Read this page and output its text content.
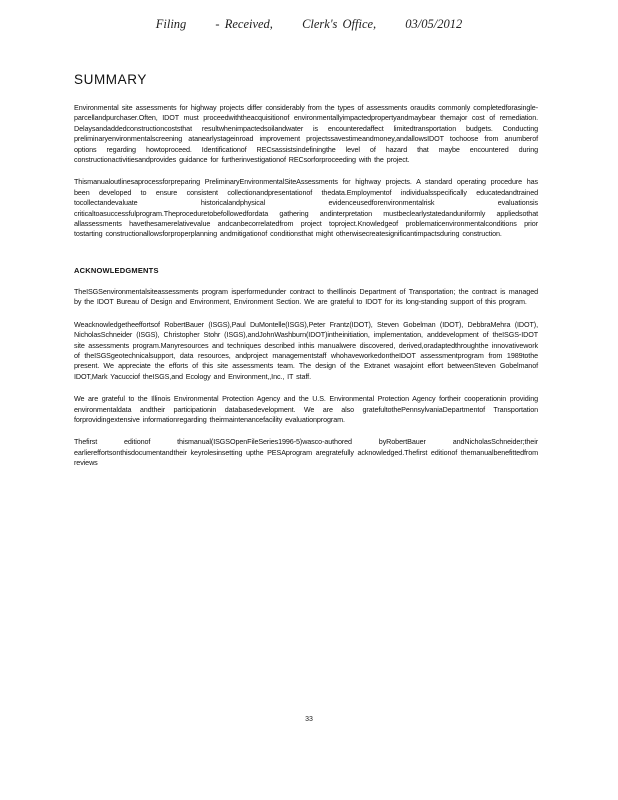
Filing - Received, Clerk's Office, 03/05/2012
SUMMARY

Environmental site assessments for highway projects differ considerably from the types of assessments oraudits commonly completedforasingle-parcellandpurchaser.Often, IDOT must proceedwiththeacquisitionof environmentallyimpactedpropertyandmaybear themajor cost of remediation. Delaysandaddedconstructioncoststhat resultwhenimpactedsoilandwater is encounteredaffect limitedtransportation budgets. Conducting preliminaryenvironmentalscreening atanearlystageinroad improvement projectssavestimeandmoney,andallowsIDOT tochoose from anumberof options regarding howtoproceed. Identificationof RECsassistsindefiningthe level of hazard that maybe encountered during constructionactivitiesandprovides guidance for furtherinvestigationof RECsorforproceeding with the project.

Thismanualoutlinesaprocessforpreparing PreliminaryEnvironmentalSiteAssessments for highway projects. A standard operating procedure has been developed to ensure consistent collectionandpresentationof thedata.Employmentof individualsspecifically educatedandtrained tocollectandevaluate historicalandphysical evidenceusedforenvironmentalrisk evaluationsis criticaltoasuccessfulprogram.Theproceduretobefollowedfordata gathering andinterpretation mustbeclearlystatedanduniformly appliedsothat allassessments havethesamerelativevalue andcanbecorrelatedfrom project toproject.Knowledgeof problematicenvironmentalconditions prior tostarting constructionallowsforproperplanning andmitigationof conditionsthat might otherwisecreatesignificantimpactsduring construction.

ACKNOWLEDGMENTS

TheISGSenvironmentalsiteassessments program isperformedunder contract to theIllinois Department of Transportation; the contract is managed by the IDOT Bureau of Design and Environment, Environment Section. We are grateful to IDOT for its long-standing support of this program.

Weacknowledgetheeffortsof RobertBauer (ISGS),Paul DuMontelle(ISGS),Peter Frantz(IDOT), Steven Gobelman (IDOT), DebbraMehra (IDOT), NicholasSchneider (ISGS), Christopher Stohr (ISGS),andJohnWashburn(IDOT)intheinitiation, implementation, anddevelopment of theISGS-IDOT site assessments program.Manyresources and techniques described inthis manualwere discovered, derived,oradaptedthroughthe innovativework of theISGSgeotechnicalsupport, data resources, andproject managementstaff whohaveworkedontheIDOT assessmentprogram from 1989tothe present. We appreciate the efforts of this site assessments team. The design of the Extranet wasajoint effort betweenSteven Gobelmanof IDOT,Mark Yacucciof theISGS,and Ecology and Environment,,Inc., IT staff.

We are grateful to the Illinois Environmental Protection Agency and the U.S. Environmental Protection Agency fortheir cooperationin providing environmentaldata andtheir participationin databasedevelopment. We are also gratefultothePennsylvaniaDepartmentof Transportation forprovidingextensive informationregarding theirmaintenancefacility evaluationprogram.

Thefirst editionof thismanual(ISGSOpenFileSeries1996-5)wasco-authored byRobertBauer andNicholasSchneider;their earliereffortsonthisdocumentandtheir keyrolesinsetting upthe PESAprogram aregratefully acknowledged.Thefirst editionof themanualbenefittedfrom reviews

33
